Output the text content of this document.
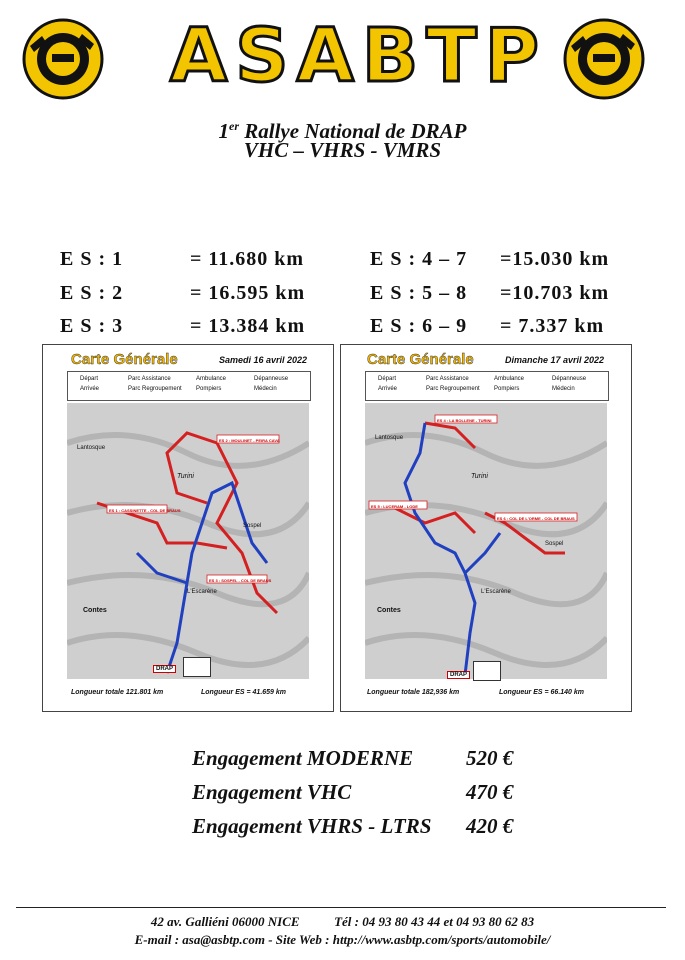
ASABTP
1er Rallye National de DRAP
VHC – VHRS - VMRS
E S : 1	= 11.680 km
E S : 2	= 16.595 km
E S : 3	= 13.384 km
E S : 4 – 7 =15.030 km
E S : 5 – 8 =10.703 km
E S : 6 – 9 = 7.337 km
Carte Générale	Samedi 16 avril 2022
Départ
Arrivée
Parc Assistance
Parc Regroupement
Ambulance
Pompiers
Dépanneuse
Médecin
ES 1 : CASSINETTE - COL DE BRAUS
ES 2 : MOULINET - PEIRA CAVA
ES 3 : SOSPEL - COL DE BRAUS
Lantosque
Turini
Contes
L'Escarène
Sospel
DRAP
Longueur totale 121.801 km	Longueur ES = 41.659 km
Carte Générale	Dimanche 17 avril 2022
Départ
Arrivée
Parc Assistance
Parc Regroupement
Ambulance
Pompiers
Dépanneuse
Médecin
ES 4 : LA BOLLENE - TURINI
ES 5 : LUCERAM - LODE
ES 6 : COL DE L'ORME - COL DE BRAUS
Lantosque
Turini
Contes
L'Escarène
Sospel
DRAP
Longueur totale 182,936 km	Longueur ES = 66.140 km
Engagement MODERNE	520 €
Engagement VHC	470 €
Engagement VHRS - LTRS 420 €
42 av. Galliéni 06000 NICE	Tél : 04 93 80 43 44 et 04 93 80 62 83
E-mail : asa@asbtp.com - Site Web : http://www.asbtp.com/sports/automobile/
